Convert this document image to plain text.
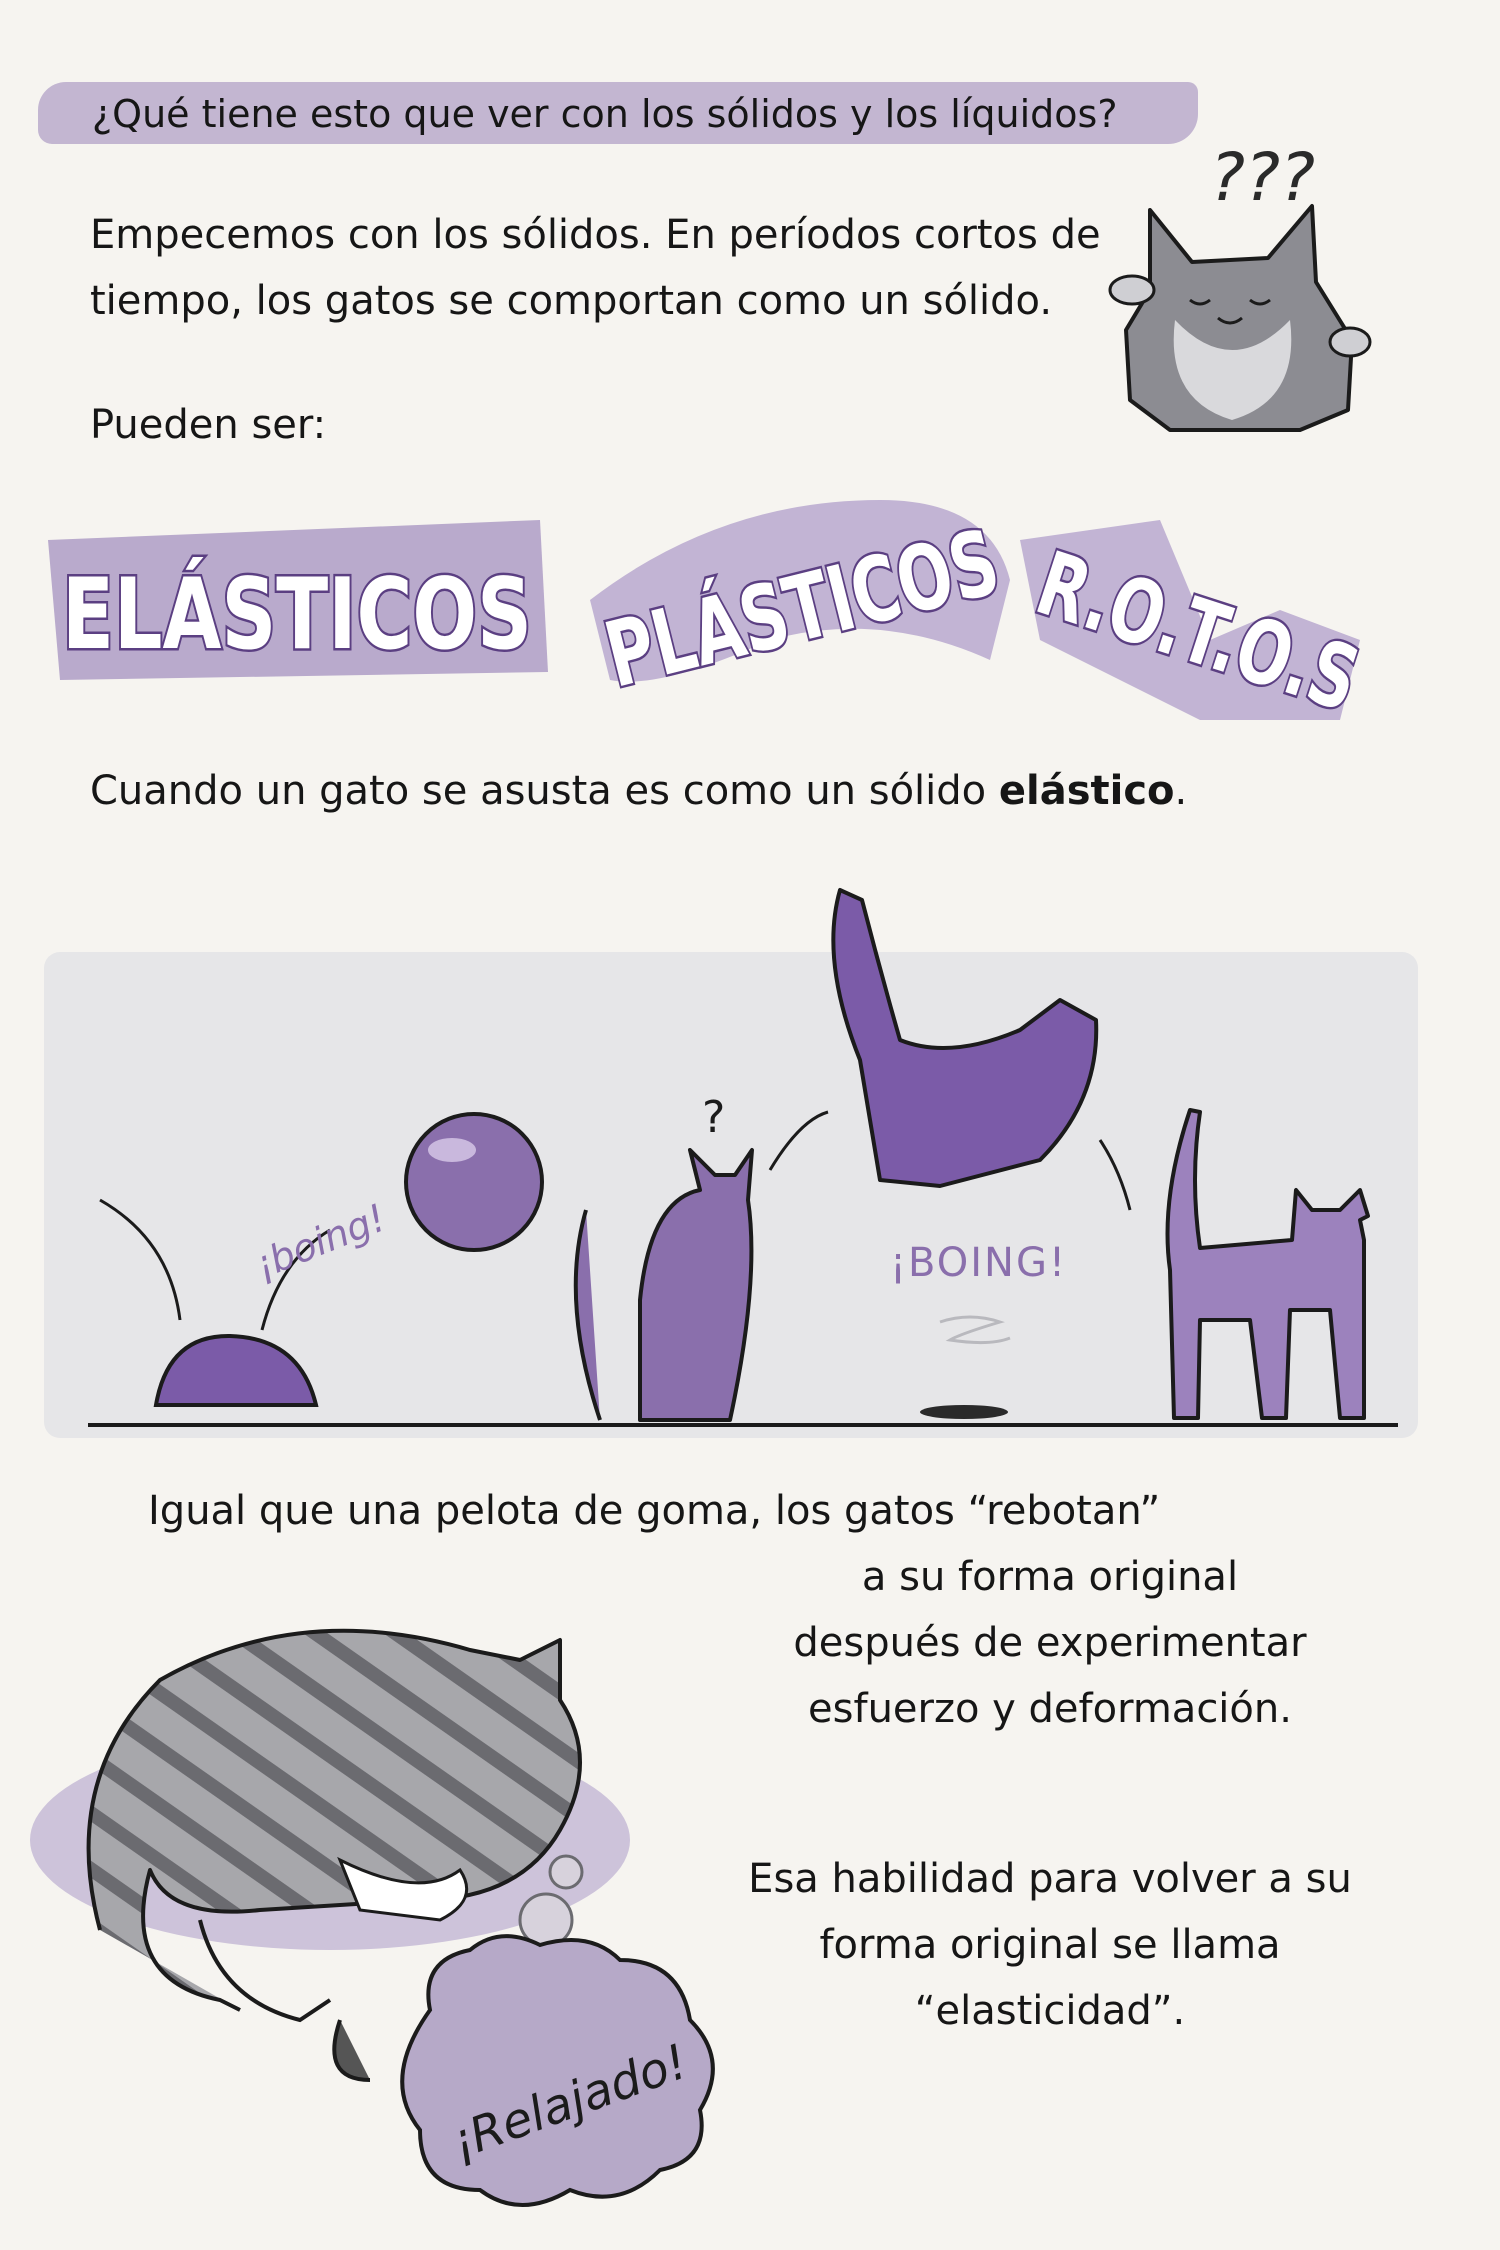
¿Qué tiene esto que ver con los sólidos y los líquidos?
Empecemos con los sólidos. En períodos cortos de tiempo, los gatos se comportan como un sólido.
Pueden ser:
Cuando un gato se asusta es como un sólido elástico.
Igual que una pelota de goma, los gatos “rebotan”
a su forma original
después de experimentar
esfuerzo y deformación.
Esa habilidad para volver a su
forma original se llama
“elasticidad”.
???
ELÁSTICOS
PLÁSTICOS
R.O.T.O.S
¡boing!
?
¡BOING!
¡Relajado!
